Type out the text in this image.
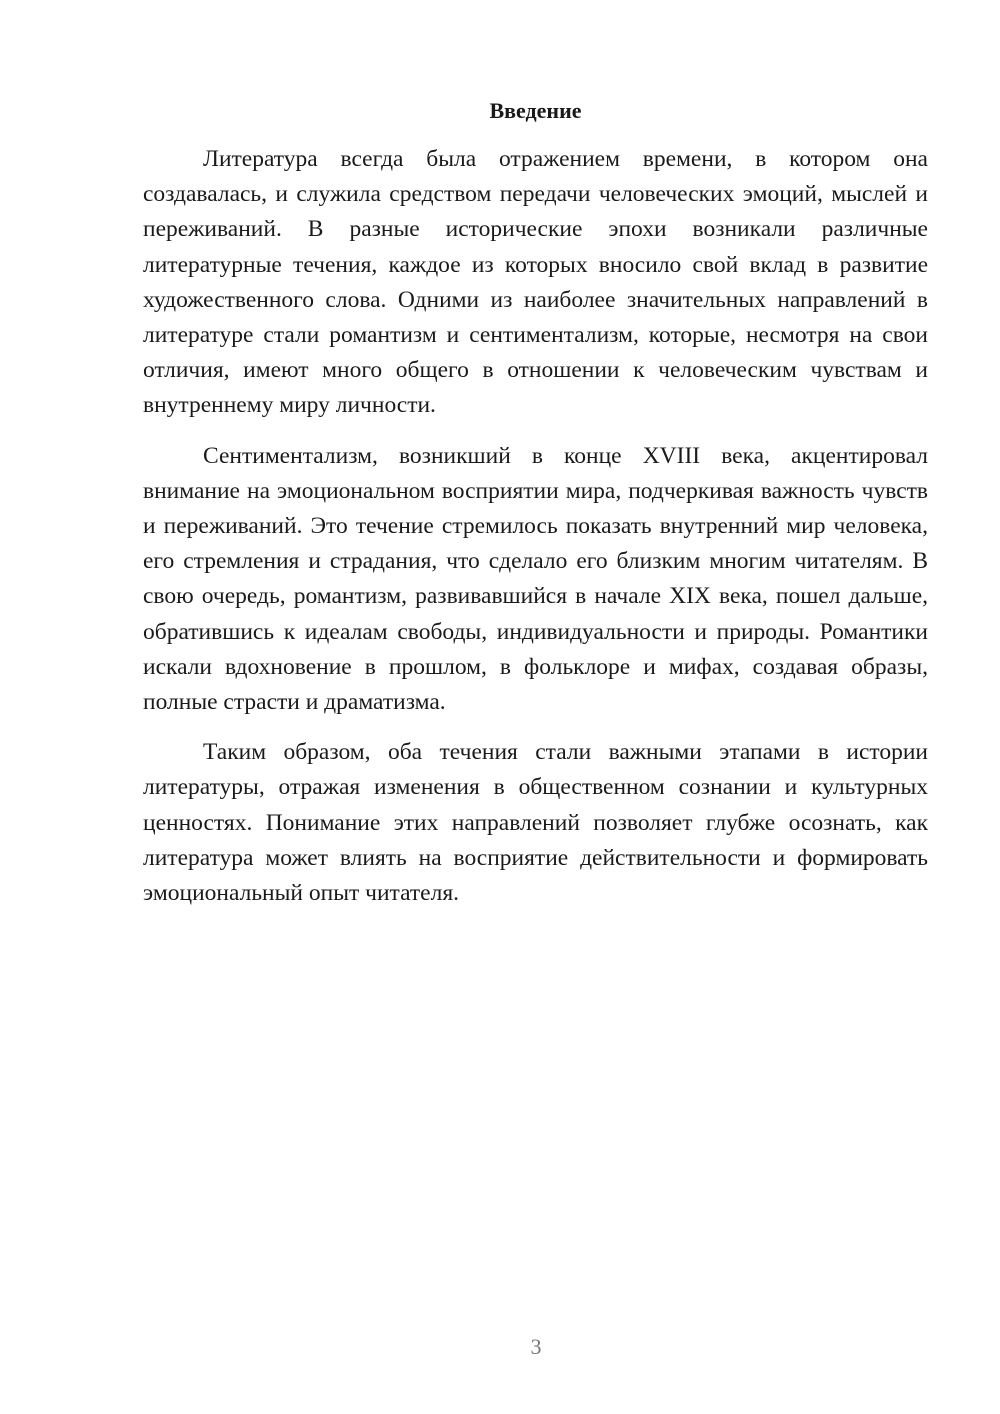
Введение

Литература всегда была отражением времени, в котором она создавалась, и служила средством передачи человеческих эмоций, мыслей и переживаний. В разные исторические эпохи возникали различные литературные течения, каждое из которых вносило свой вклад в развитие художественного слова. Одними из наиболее значительных направлений в литературе стали романтизм и сентиментализм, которые, несмотря на свои отличия, имеют много общего в отношении к человеческим чувствам и внутреннему миру личности.

Сентиментализм, возникший в конце XVIII века, акцентировал внимание на эмоциональном восприятии мира, подчеркивая важность чувств и переживаний. Это течение стремилось показать внутренний мир человека, его стремления и страдания, что сделало его близким многим читателям. В свою очередь, романтизм, развивавшийся в начале XIX века, пошел дальше, обратившись к идеалам свободы, индивидуальности и природы. Романтики искали вдохновение в прошлом, в фольклоре и мифах, создавая образы, полные страсти и драматизма.

Таким образом, оба течения стали важными этапами в истории литературы, отражая изменения в общественном сознании и культурных ценностях. Понимание этих направлений позволяет глубже осознать, как литература может влиять на восприятие действительности и формировать эмоциональный опыт читателя.

3
